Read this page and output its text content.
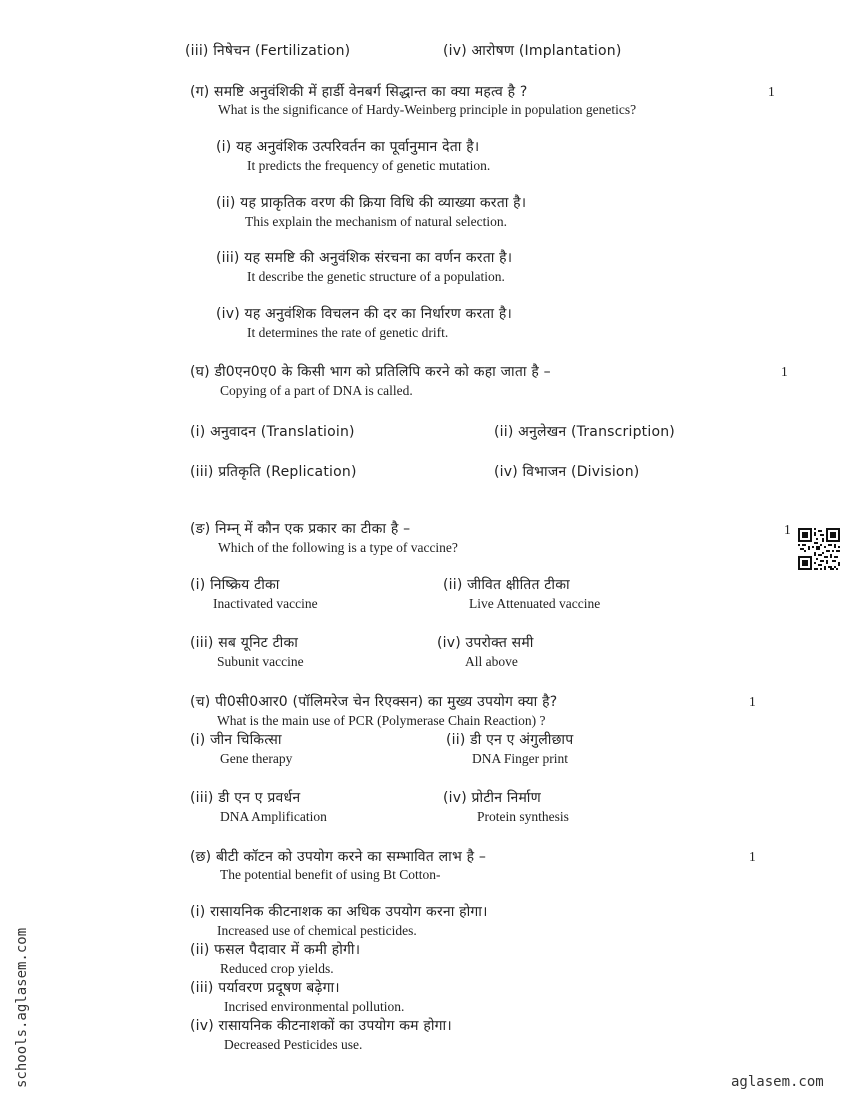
(iii) निषेचन (Fertilization)	(iv) आरोषण (Implantation)
(ग) समष्टि अनुवंशिकी में हार्डी वेनबर्ग सिद्धान्त का क्या महत्व है ?	1
What is the significance of Hardy-Weinberg principle in population genetics?
(i) यह अनुवंशिक उत्परिवर्तन का पूर्वानुमान देता है।
It predicts the frequency of genetic mutation.
(ii) यह प्राकृतिक वरण की क्रिया विधि की व्याख्या करता है।
This explain the mechanism of natural selection.
(iii) यह समष्टि की अनुवंशिक संरचना का वर्णन करता है।
It describe the genetic structure of a population.
(iv) यह अनुवंशिक विचलन की दर का निर्धारण करता है।
It determines the rate of genetic drift.
(घ) डी0एन0ए0 के किसी भाग को प्रतिलिपि करने को कहा जाता है –	1
Copying of a part of DNA is called.
(i) अनुवादन (Translatioin)	(ii) अनुलेखन (Transcription)
(iii) प्रतिकृति (Replication)	(iv) विभाजन (Division)
(ङ) निम्न् में कौन एक प्रकार का टीका है –	1
Which of the following is a type of vaccine?
(i) निष्क्रिय टीका
Inactivated vaccine
(ii) जीवित क्षीतित टीका
Live Attenuated vaccine
(iii) सब यूनिट टीका
Subunit vaccine
(iv) उपरोक्त समी
All above
(च) पी0सी0आर0 (पॉलिमरेज चेन रिएक्सन) का मुख्य उपयोग क्या है?	1
What is the main use of PCR (Polymerase Chain Reaction) ?
(i) जीन चिकित्सा
Gene therapy
(ii) डी एन ए अंगुलीछाप
DNA Finger print
(iii) डी एन ए प्रवर्धन
DNA Amplification
(iv) प्रोटीन निर्माण
Protein synthesis
(छ) बीटी कॉटन को उपयोग करने का सम्भावित लाभ है –	1
The potential benefit of using Bt Cotton-
(i) रासायनिक कीटनाशक का अधिक उपयोग करना होगा।
Increased use of chemical pesticides.
(ii) फसल पैदावार में कमी होगी।
Reduced crop yields.
(iii) पर्यावरण प्रदूषण बढ़ेगा।
Incrised environmental pollution.
(iv) रासायनिक कीटनाशकों का उपयोग कम होगा।
Decreased Pesticides use.
schools.aglasem.com	aglasem.com
